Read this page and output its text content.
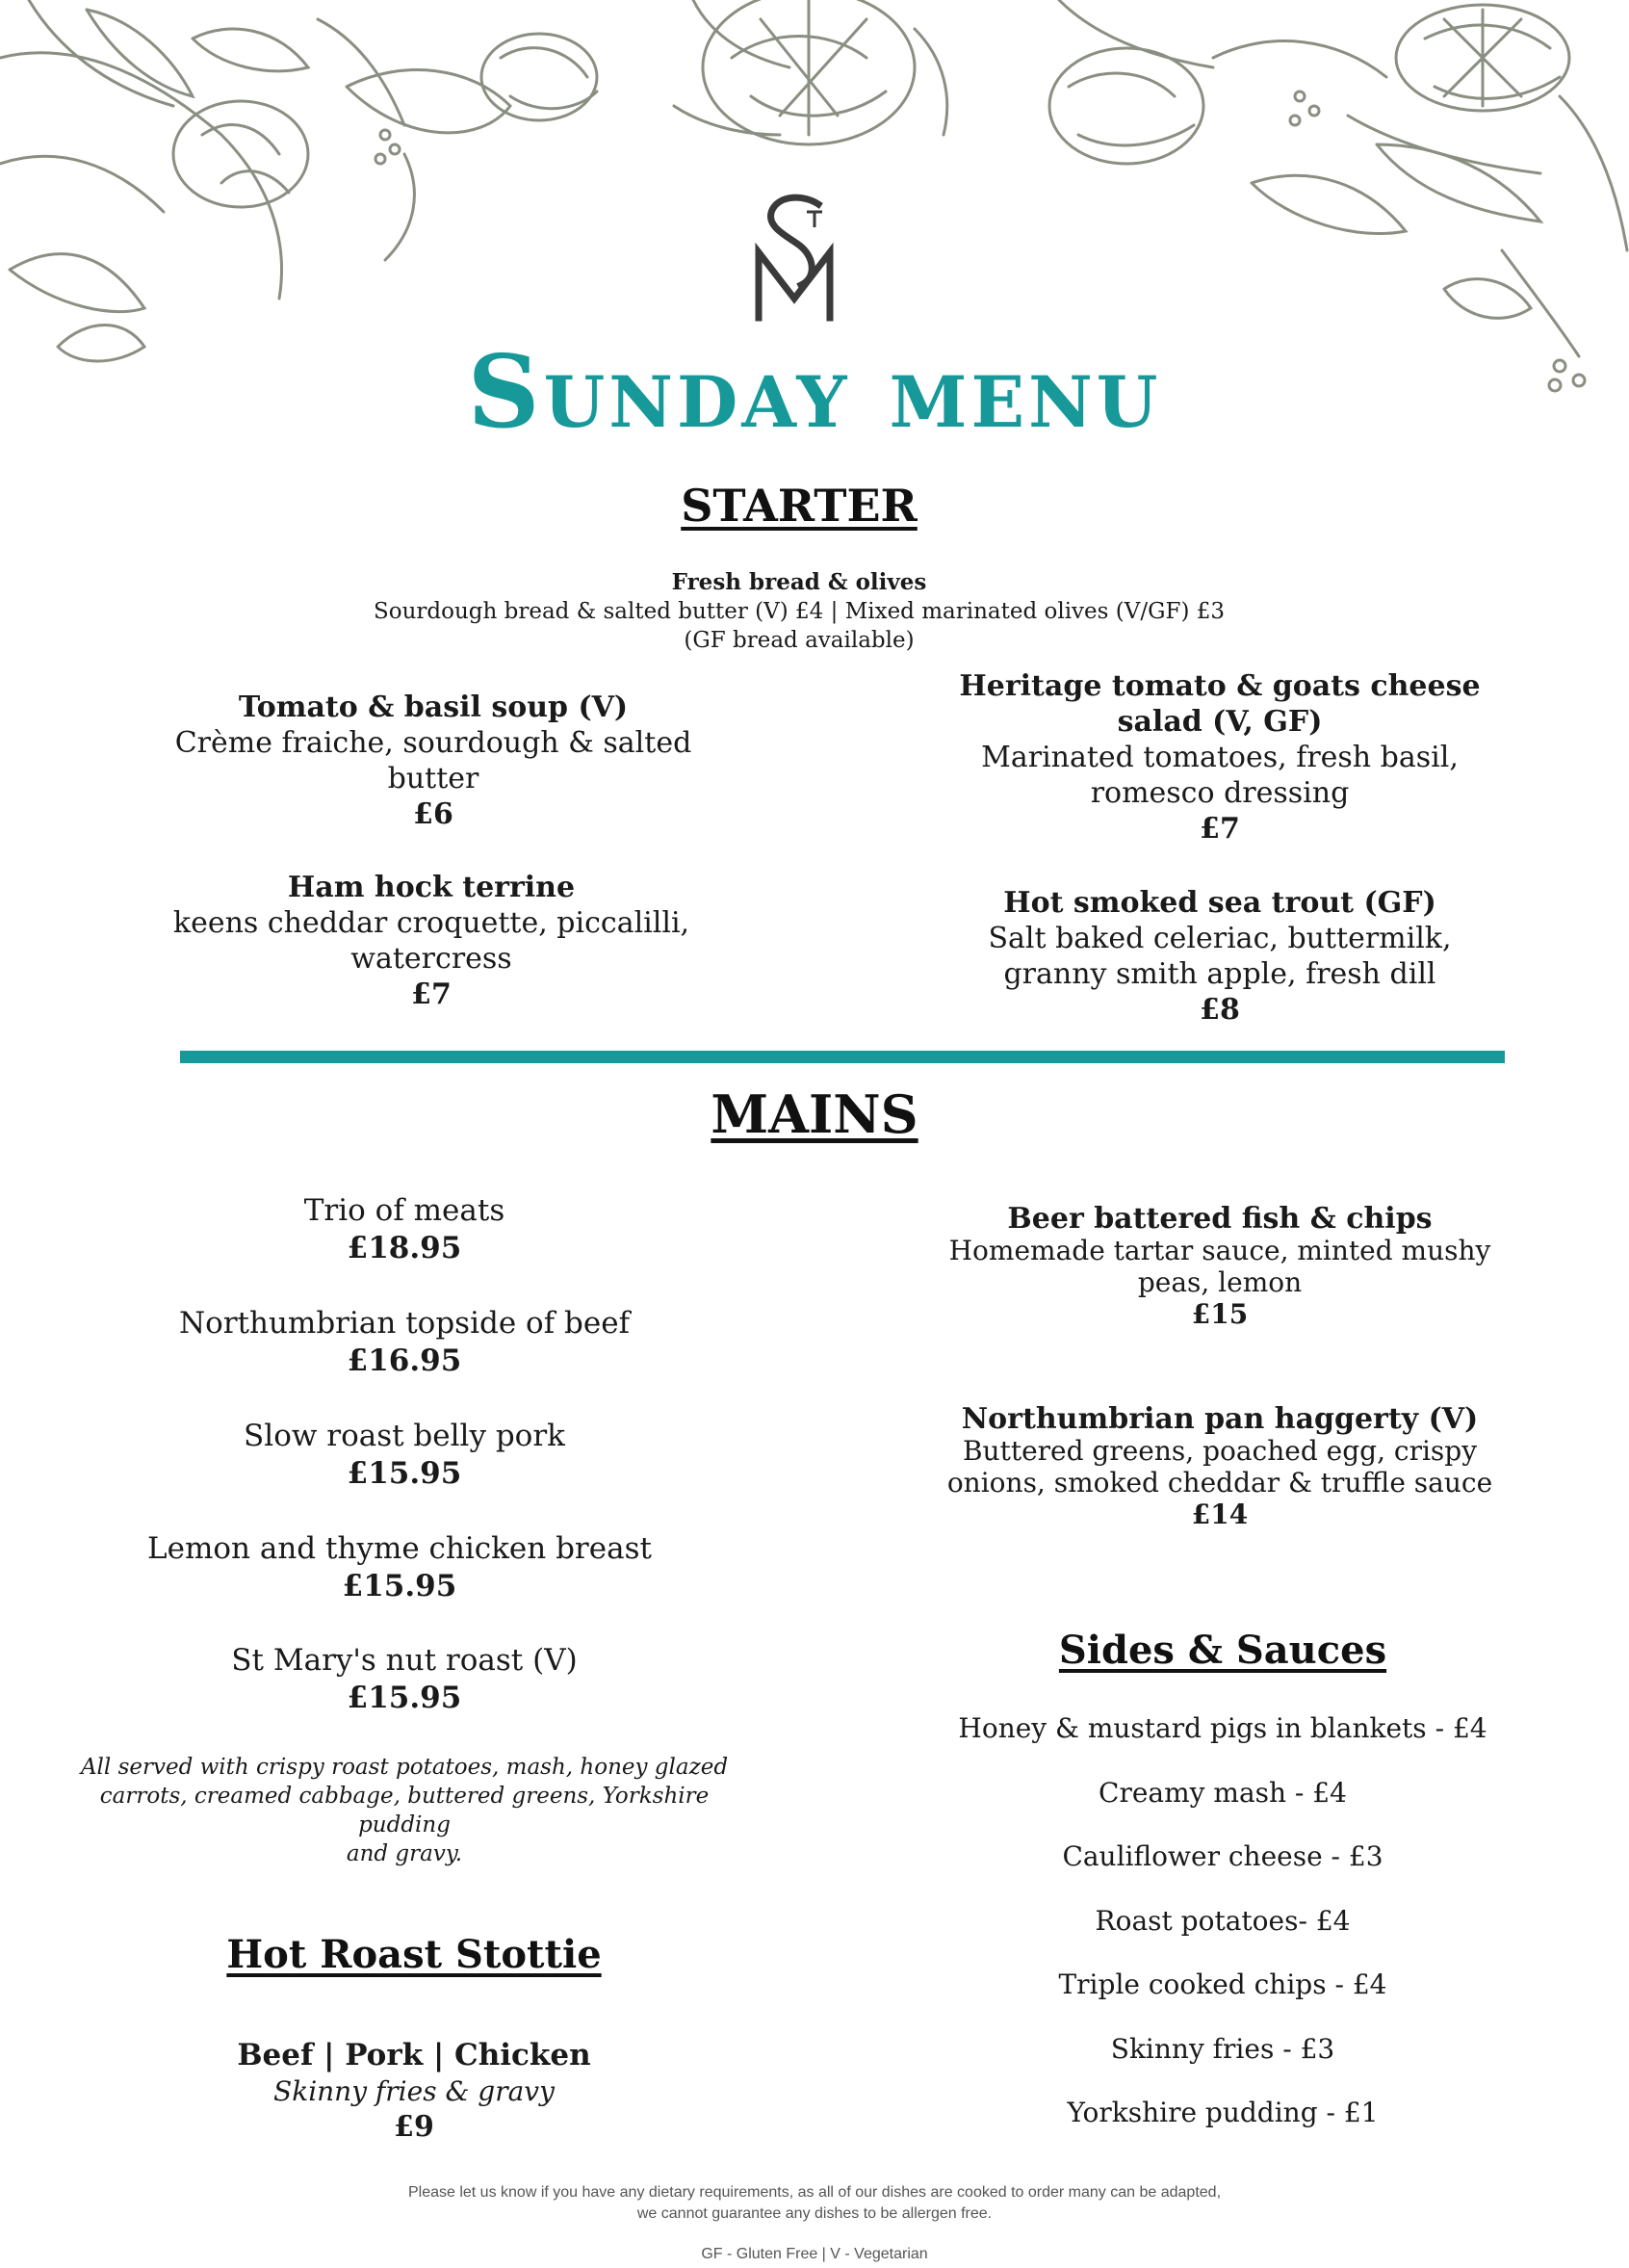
Sunday menu
STARTER
Fresh bread & olives
Sourdough bread & salted butter (V) £4 | Mixed marinated olives (V/GF) £3
(GF bread available)
Tomato & basil soup (V)
Crème fraiche, sourdough & salted
butter
£6
Heritage tomato & goats cheese
salad (V, GF)
Marinated tomatoes, fresh basil,
romesco dressing
£7
Ham hock terrine
keens cheddar croquette, piccalilli,
watercress
£7
Hot smoked sea trout (GF)
Salt baked celeriac, buttermilk,
granny smith apple, fresh dill
£8
MAINS
Trio of meats
£18.95
Northumbrian topside of beef
£16.95
Slow roast belly pork
£15.95
Lemon and thyme chicken breast
£15.95
St Mary's nut roast (V)
£15.95
All served with crispy roast potatoes, mash, honey glazed
carrots, creamed cabbage, buttered greens, Yorkshire pudding
and gravy.
Beer battered fish & chips
Homemade tartar sauce, minted mushy
peas, lemon
£15
Northumbrian pan haggerty (V)
Buttered greens, poached egg, crispy
onions, smoked cheddar & truffle sauce
£14
Hot Roast Stottie
Beef | Pork | Chicken
Skinny fries & gravy
£9
Sides & Sauces
Honey & mustard pigs in blankets - £4
Creamy mash - £4
Cauliflower cheese - £3
Roast potatoes- £4
Triple cooked chips - £4
Skinny fries - £3
Yorkshire pudding - £1
Please let us know if you have any dietary requirements, as all of our dishes are cooked to order many can be adapted,
we cannot guarantee any dishes to be allergen free.
GF - Gluten Free | V - Vegetarian
